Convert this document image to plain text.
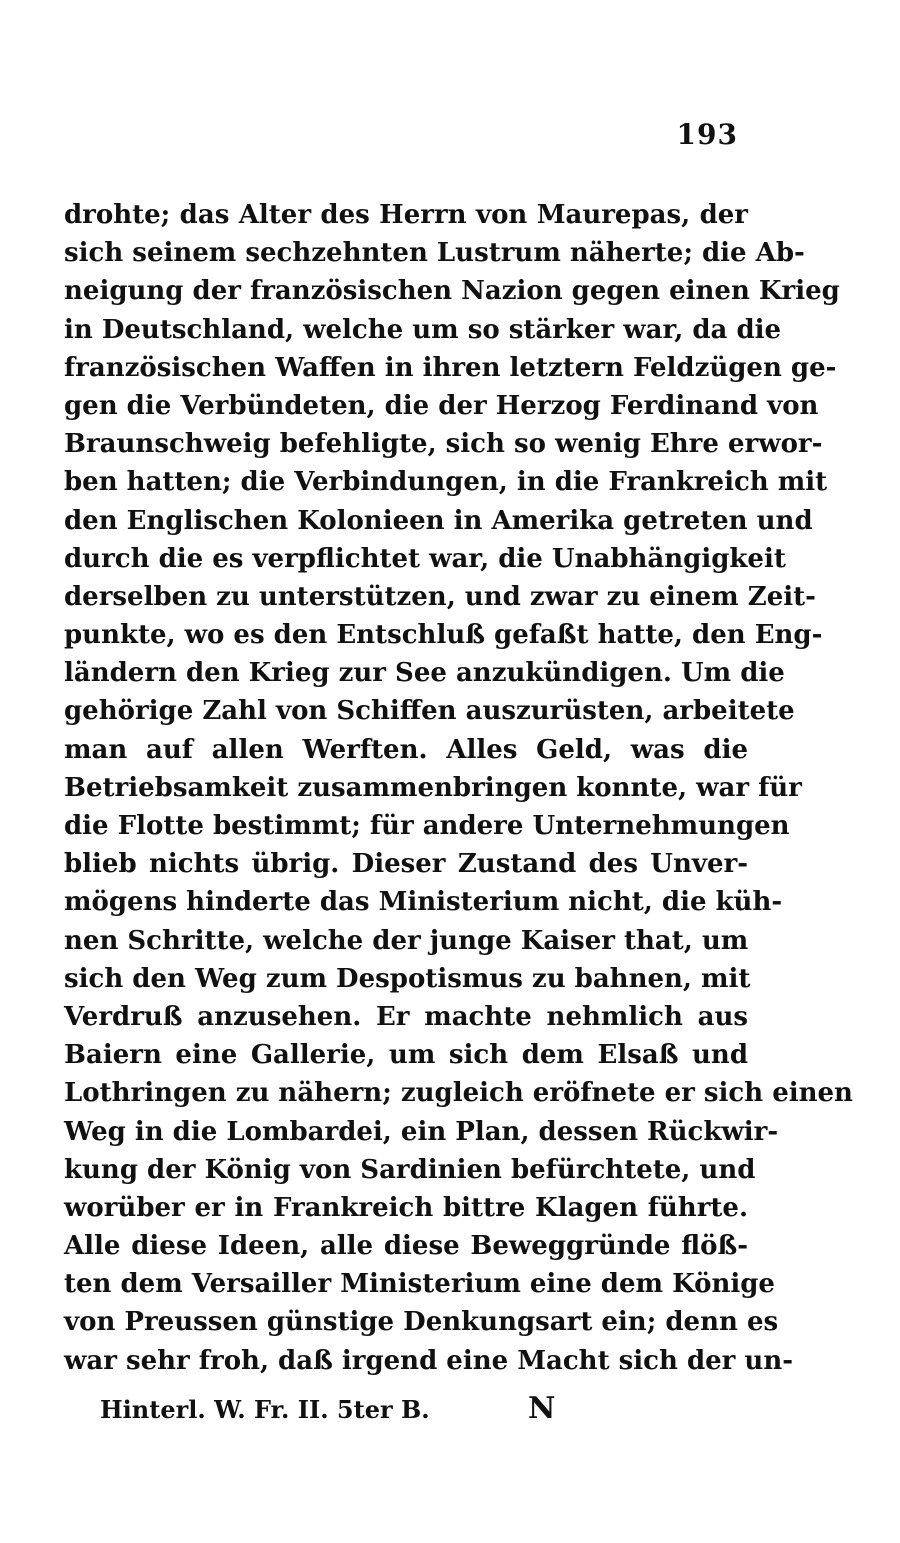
193
drohte; das Alter des Herrn von Maurepas, der
sich seinem sechzehnten Lustrum näherte; die Ab-
neigung der französischen Nazion gegen einen Krieg
in Deutschland, welche um so stärker war, da die
französischen Waffen in ihren letztern Feldzügen ge-
gen die Verbündeten, die der Herzog Ferdinand von
Braunschweig befehligte, sich so wenig Ehre erwor-
ben hatten; die Verbindungen, in die Frankreich mit
den Englischen Kolonieen in Amerika getreten und
durch die es verpflichtet war, die Unabhängigkeit
derselben zu unterstützen, und zwar zu einem Zeit-
punkte, wo es den Entschluß gefaßt hatte, den Eng-
ländern den Krieg zur See anzukündigen. Um die
gehörige Zahl von Schiffen auszurüsten, arbeitete
man auf allen Werften. Alles Geld, was die
Betriebsamkeit zusammenbringen konnte, war für
die Flotte bestimmt; für andere Unternehmungen
blieb nichts übrig. Dieser Zustand des Unver-
mögens hinderte das Ministerium nicht, die küh-
nen Schritte, welche der junge Kaiser that, um
sich den Weg zum Despotismus zu bahnen, mit
Verdruß anzusehen. Er machte nehmlich aus
Baiern eine Gallerie, um sich dem Elsaß und
Lothringen zu nähern; zugleich eröfnete er sich einen
Weg in die Lombardei, ein Plan, dessen Rückwir-
kung der König von Sardinien befürchtete, und
worüber er in Frankreich bittre Klagen führte.
Alle diese Ideen, alle diese Beweggründe flöß-
ten dem Versailler Ministerium eine dem Könige
von Preussen günstige Denkungsart ein; denn es
war sehr froh, daß irgend eine Macht sich der un-
Hinterl. W. Fr. II. 5ter B.	N
